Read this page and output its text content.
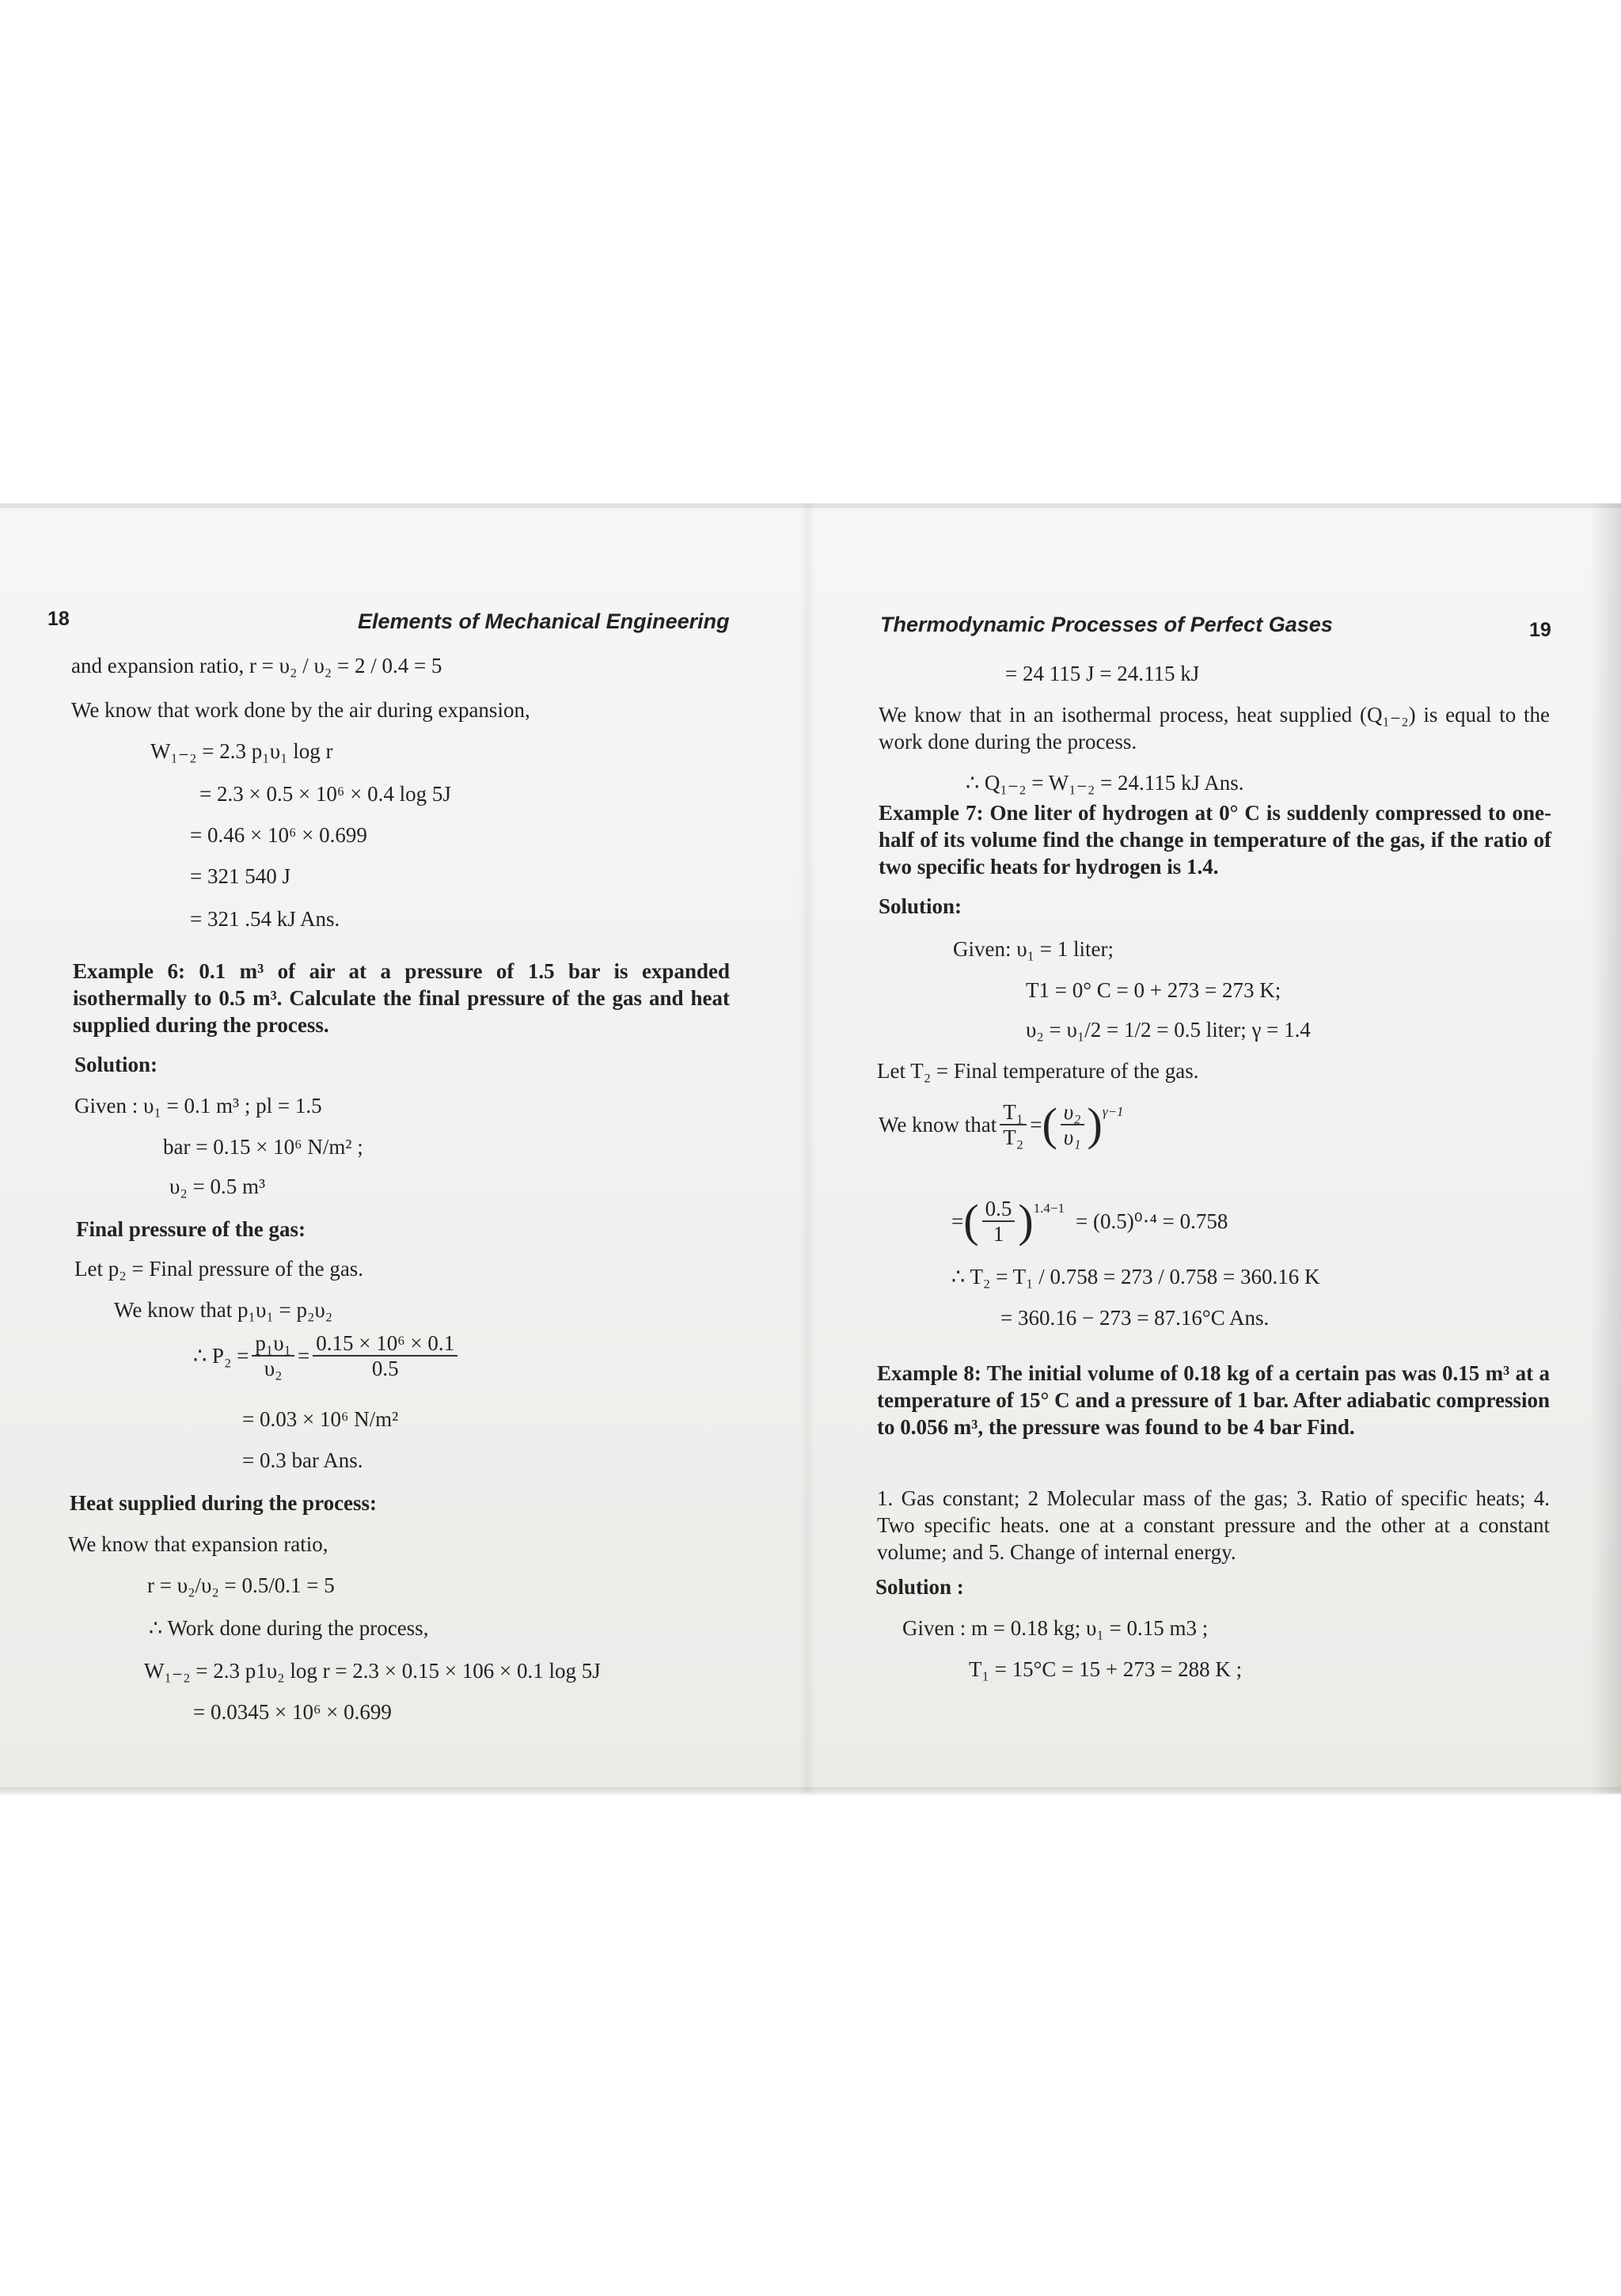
18	Elements of Mechanical Engineering
and expansion ratio, r = υ₂ / υ₂ = 2 / 0.4 = 5
We know that work done by the air during expansion,
W₁₋₂ = 2.3 p₁υ₁ log r
= 2.3 × 0.5 × 10⁶ × 0.4 log 5J
= 0.46 × 10⁶ × 0.699
= 321 540 J
= 321 .54 kJ Ans.
Example 6: 0.1 m³ of air at a pressure of 1.5 bar is expanded isothermally to 0.5 m³. Calculate the final pressure of the gas and heat supplied during the process.
Solution:
Given : υ₁ = 0.1 m³ ; pl = 1.5
bar = 0.15 × 10⁶ N/m² ;
υ₂ = 0.5 m³
Final pressure of the gas:
Let p₂ = Final pressure of the gas.
We know that p₁υ₁ = p₂υ₂
∴ $P_2 = \frac{\text{p₁υ₁}}{\text{υ₂}} = \frac{\text{0.15 × 10⁶ × 0.1}}{0.5}$
= 0.03 × 10⁶ N/m²
= 0.3 bar Ans.
Heat supplied during the process:
We know that expansion ratio,
r = υ₂/υ₂ = 0.5/0.1 = 5
∴ Work done during the process,
W₁₋₂ = 2.3 p1υ₂ log r = 2.3 × 0.15 × 106 × 0.1 log 5J
= 0.0345 × 10⁶ × 0.699
Thermodynamic Processes of Perfect Gases	19
= 24 115 J = 24.115 kJ
We know that in an isothermal process, heat supplied (Q₁₋₂) is equal to the work done during the process.
∴ Q₁₋₂ = W₁₋₂ = 24.115 kJ Ans.
Example 7: One liter of hydrogen at 0° C is suddenly compressed to one-half of its volume find the change in temperature of the gas, if the ratio of two specific heats for hydrogen is 1.4.
Solution:
Given: υ₁ = 1 liter;
T1 = 0° C = 0 + 273 = 273 K;
υ₂ = υ₁/2 = 1/2 = 0.5 liter; γ = 1.4
Let T₂ = Final temperature of the gas.
We know that $\frac{\text{T₁}}{\text{T₂}}$ = ( $\frac{\text{υ₂}}{\text{υ₁}} )^{\gamma-1}$
= ( $\frac{0.5}{1} )^{1.4-1}$
= (0.5)⁰·⁴ = 0.758
∴ T₂ = T₁ / 0.758 = 273 / 0.758 = 360.16 K
= 360.16 − 273 = 87.16°C Ans.
Example 8: The initial volume of 0.18 kg of a certain pas was 0.15 m³ at a temperature of 15° C and a pressure of 1 bar. After adiabatic compression to 0.056 m³, the pressure was found to be 4 bar Find.
1. Gas constant; 2 Molecular mass of the gas; 3. Ratio of specific heats; 4. Two specific heats. one at a constant pressure and the other at a constant volume; and 5. Change of internal energy.
Solution :
Given : m = 0.18 kg; υ₁ = 0.15 m3 ;
T₁ = 15°C = 15 + 273 = 288 K ;
